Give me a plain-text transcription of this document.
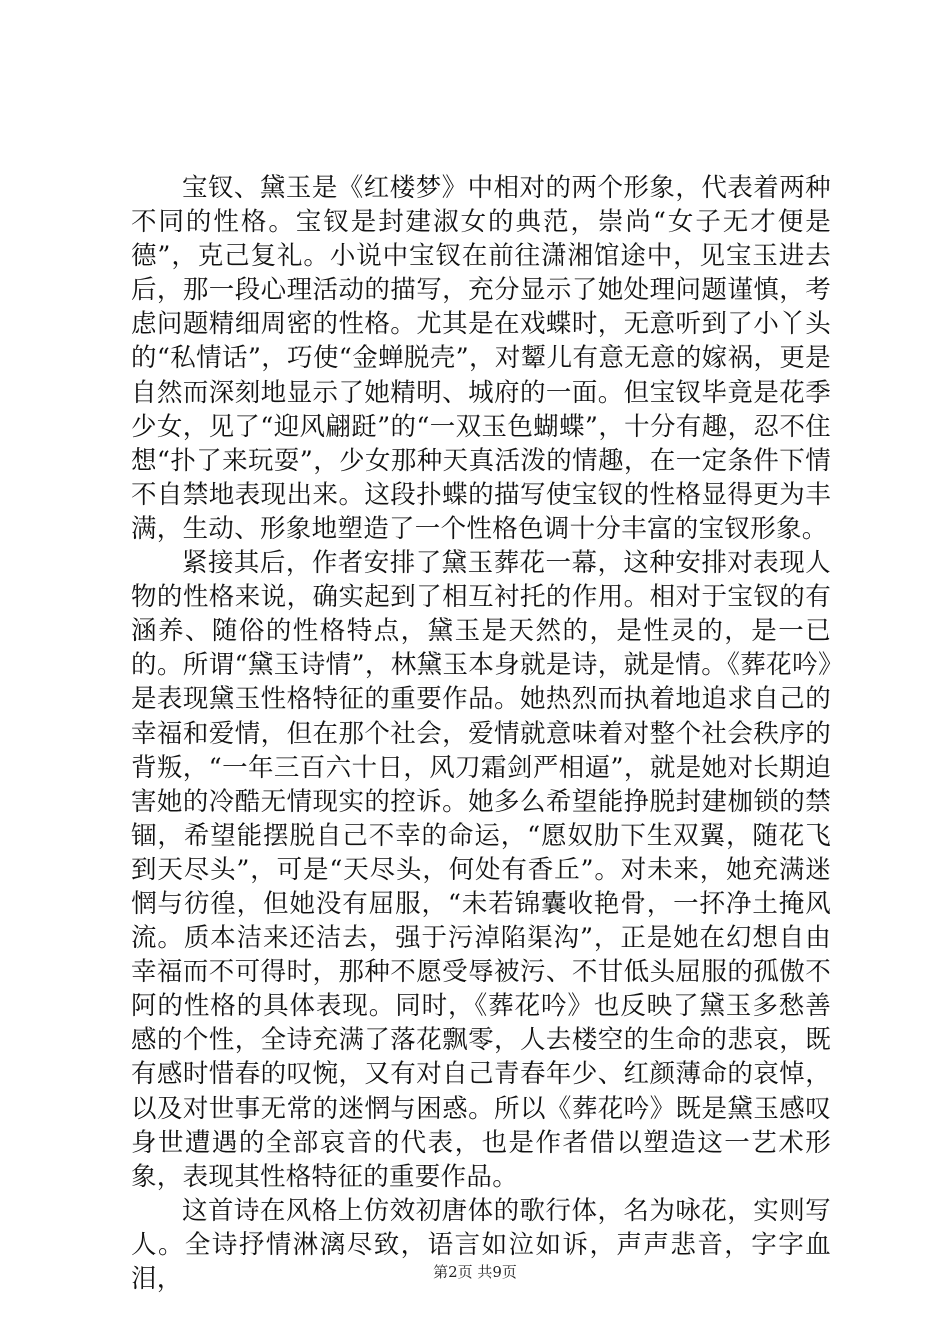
宝钗、黛玉是《红楼梦》中相对的两个形象，代表着两种不同的性格。宝钗是封建淑女的典范，崇尚“女子无才便是德”，克己复礼。小说中宝钗在前往潇湘馆途中，见宝玉进去后，那一段心理活动的描写，充分显示了她处理问题谨慎，考虑问题精细周密的性格。尤其是在戏蝶时，无意听到了小丫头的“私情话”，巧使“金蝉脱壳”，对颦儿有意无意的嫁祸，更是自然而深刻地显示了她精明、城府的一面。但宝钗毕竟是花季少女，见了“迎风翩跹”的“一双玉色蝴蝶”，十分有趣，忍不住想“扑了来玩耍”，少女那种天真活泼的情趣，在一定条件下情不自禁地表现出来。这段扑蝶的描写使宝钗的性格显得更为丰满，生动、形象地塑造了一个性格色调十分丰富的宝钗形象。

紧接其后，作者安排了黛玉葬花一幕，这种安排对表现人物的性格来说，确实起到了相互衬托的作用。相对于宝钗的有涵养、随俗的性格特点，黛玉是天然的，是性灵的，是一已的。所谓“黛玉诗情”，林黛玉本身就是诗，就是情。《葬花吟》是表现黛玉性格特征的重要作品。她热烈而执着地追求自己的幸福和爱情，但在那个社会，爱情就意味着对整个社会秩序的背叛，“一年三百六十日，风刀霜剑严相逼”，就是她对长期迫害她的冷酷无情现实的控诉。她多么希望能挣脱封建枷锁的禁锢，希望能摆脱自己不幸的命运，“愿奴肋下生双翼，随花飞到天尽头”，可是“天尽头，何处有香丘”。对未来，她充满迷惘与彷徨，但她没有屈服，“未若锦囊收艳骨，一抔净土掩风流。质本洁来还洁去，强于污淖陷渠沟”，正是她在幻想自由幸福而不可得时，那种不愿受辱被污、不甘低头屈服的孤傲不阿的性格的具体表现。同时，《葬花吟》也反映了黛玉多愁善感的个性，全诗充满了落花飘零，人去楼空的生命的悲哀，既有感时惜春的叹惋，又有对自己青春年少、红颜薄命的哀悼，以及对世事无常的迷惘与困惑。所以《葬花吟》既是黛玉感叹身世遭遇的全部哀音的代表，也是作者借以塑造这一艺术形象，表现其性格特征的重要作品。

这首诗在风格上仿效初唐体的歌行体，名为咏花，实则写人。全诗抒情淋漓尽致，语言如泣如诉，声声悲音，字字血泪，	第2页 共9页
